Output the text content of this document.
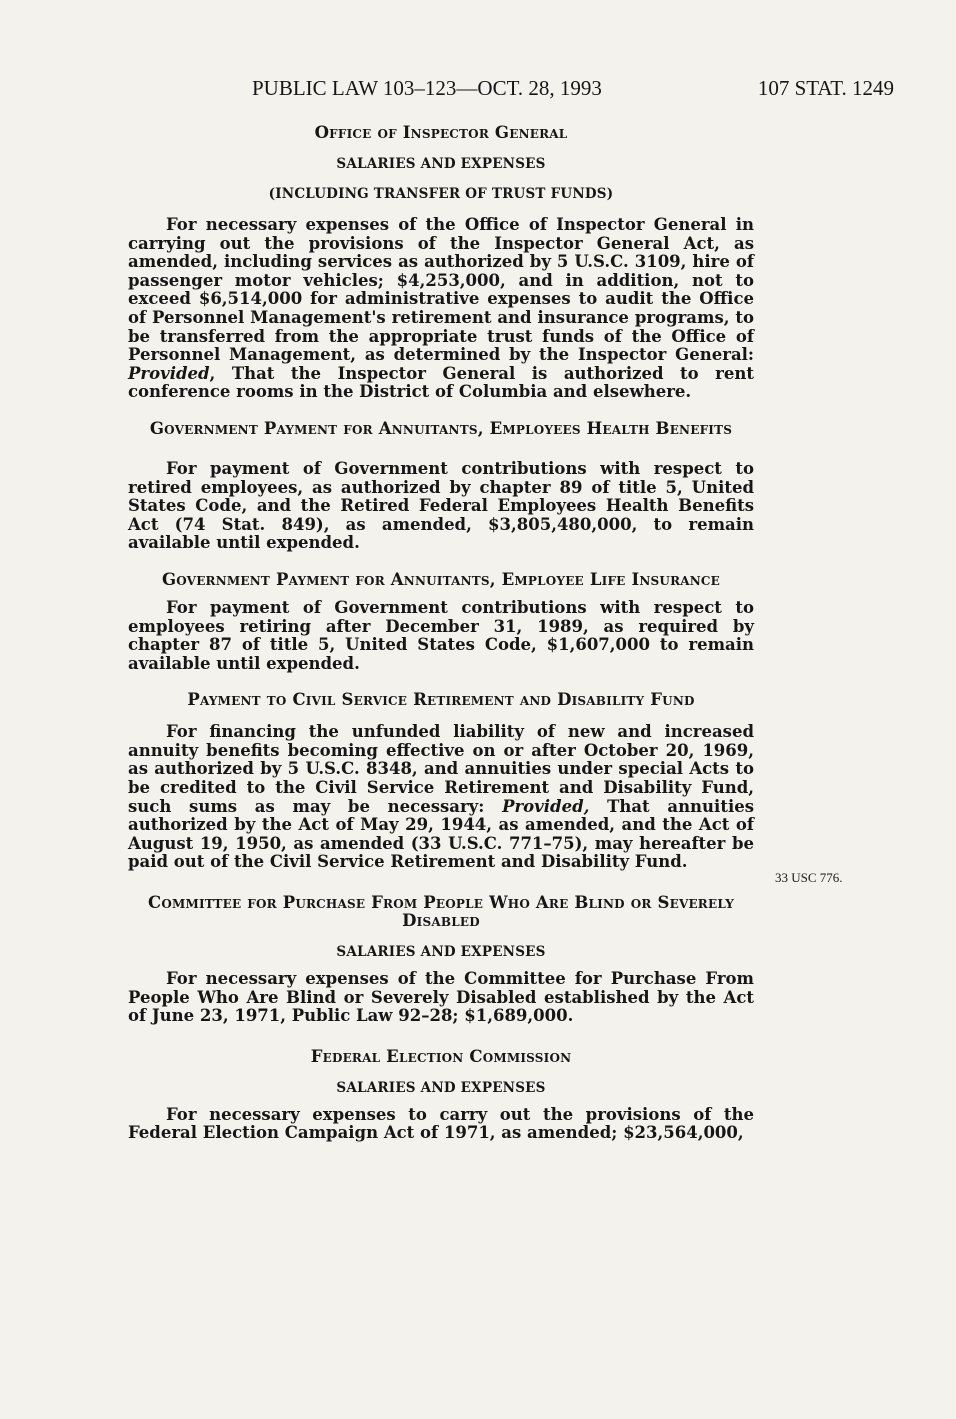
PUBLIC LAW 103–123—OCT. 28, 1993	107 STAT. 1249
Office of Inspector General
SALARIES AND EXPENSES
(INCLUDING TRANSFER OF TRUST FUNDS)

For necessary expenses of the Office of Inspector General in carrying out the provisions of the Inspector General Act, as amended, including services as authorized by 5 U.S.C. 3109, hire of passenger motor vehicles; $4,253,000, and in addition, not to exceed $6,514,000 for administrative expenses to audit the Office of Personnel Management's retirement and insurance programs, to be transferred from the appropriate trust funds of the Office of Personnel Management, as determined by the Inspector General: Provided, That the Inspector General is authorized to rent conference rooms in the District of Columbia and elsewhere.

Government Payment for Annuitants, Employees Health Benefits

For payment of Government contributions with respect to retired employees, as authorized by chapter 89 of title 5, United States Code, and the Retired Federal Employees Health Benefits Act (74 Stat. 849), as amended, $3,805,480,000, to remain available until expended.

Government Payment for Annuitants, Employee Life Insurance

For payment of Government contributions with respect to employees retiring after December 31, 1989, as required by chapter 87 of title 5, United States Code, $1,607,000 to remain available until expended.

Payment to Civil Service Retirement and Disability Fund

For financing the unfunded liability of new and increased annuity benefits becoming effective on or after October 20, 1969, as authorized by 5 U.S.C. 8348, and annuities under special Acts to be credited to the Civil Service Retirement and Disability Fund, such sums as may be necessary: Provided, That annuities authorized by the Act of May 29, 1944, as amended, and the Act of August 19, 1950, as amended (33 U.S.C. 771–75), may hereafter be paid out of the Civil Service Retirement and Disability Fund.

Committee for Purchase From People Who Are Blind or Severely Disabled
SALARIES AND EXPENSES

For necessary expenses of the Committee for Purchase From People Who Are Blind or Severely Disabled established by the Act of June 23, 1971, Public Law 92–28; $1,689,000.

Federal Election Commission
SALARIES AND EXPENSES

For necessary expenses to carry out the provisions of the Federal Election Campaign Act of 1971, as amended; $23,564,000,

33 USC 776.
